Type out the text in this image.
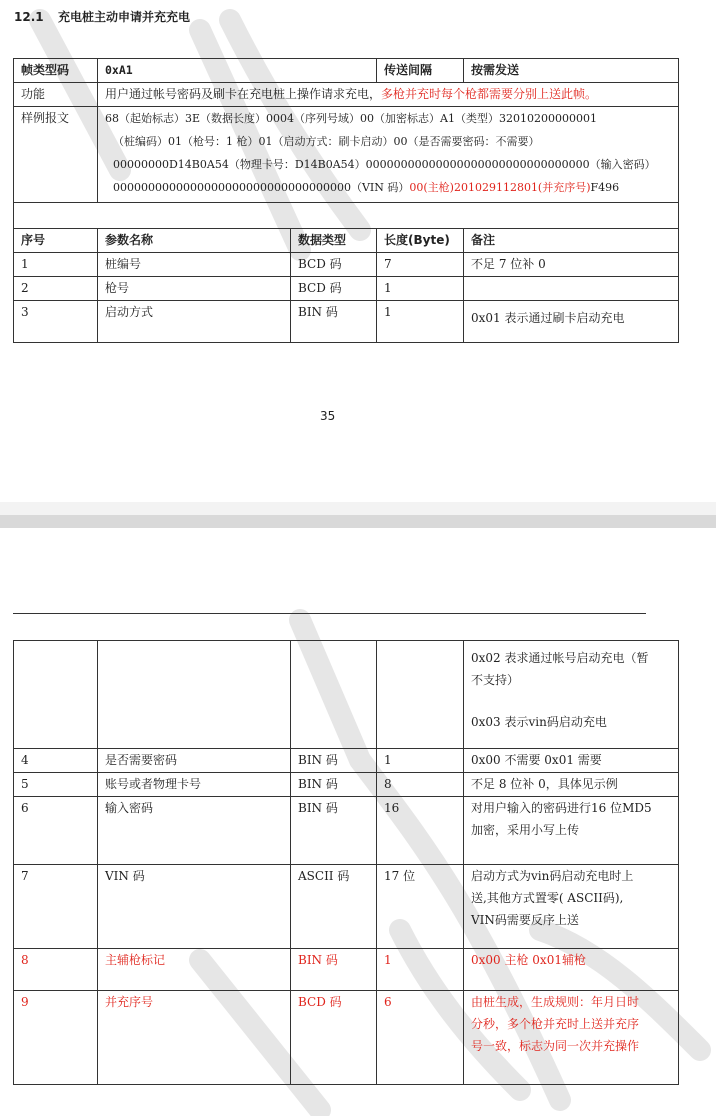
12.1 充电桩主动申请并充充电
帧类型码	0xA1		传送间隔	按需发送
功能	用户通过帐号密码及刷卡在充电桩上操作请求充电，多枪并充时每个枪都需要分别上送此帧。			
样例报文	68（起始标志）3E（数据长度）0004（序列号域）00（加密标志）A1（类型）32010200000001
（桩编码）01（枪号：1 枪）01（启动方式：刷卡启动）00（是否需要密码：不需要）
00000000D14B0A54（物理卡号：D14B0A54）00000000000000000000000000000000（输入密码）
0000000000000000000000000000000000（VIN 码）00(主枪)201029112801(并充序号)F496			

序号	参数名称	数据类型	长度(Byte)	备注
1	桩编号	BCD 码	7	不足 7 位补 0
2	枪号	BCD 码	1	
3	启动方式	BIN 码	1	0x01 表示通过刷卡启动充电
35

				0x02 表求通过帐号启动充电（暂
不支持）
0x03 表示vin码启动充电

4	是否需要密码	BIN 码	1	0x00 不需要 0x01 需要
5	账号或者物理卡号	BIN 码	8	不足 8 位补 0，具体见示例
6	输入密码	BIN 码	16	对用户输入的密码进行16 位MD5
加密，采用小写上传

7	VIN 码	ASCII 码	17 位	启动方式为vin码启动充电时上
送,其他方式置零( ASCII码),
VIN码需要反序上送

8	主辅枪标记	BIN 码	1	0x00 主枪 0x01辅枪
9	并充序号	BCD 码	6	由桩生成，生成规则：年月日时
分秒，多个枪并充时上送并充序
号一致，标志为同一次并充操作
